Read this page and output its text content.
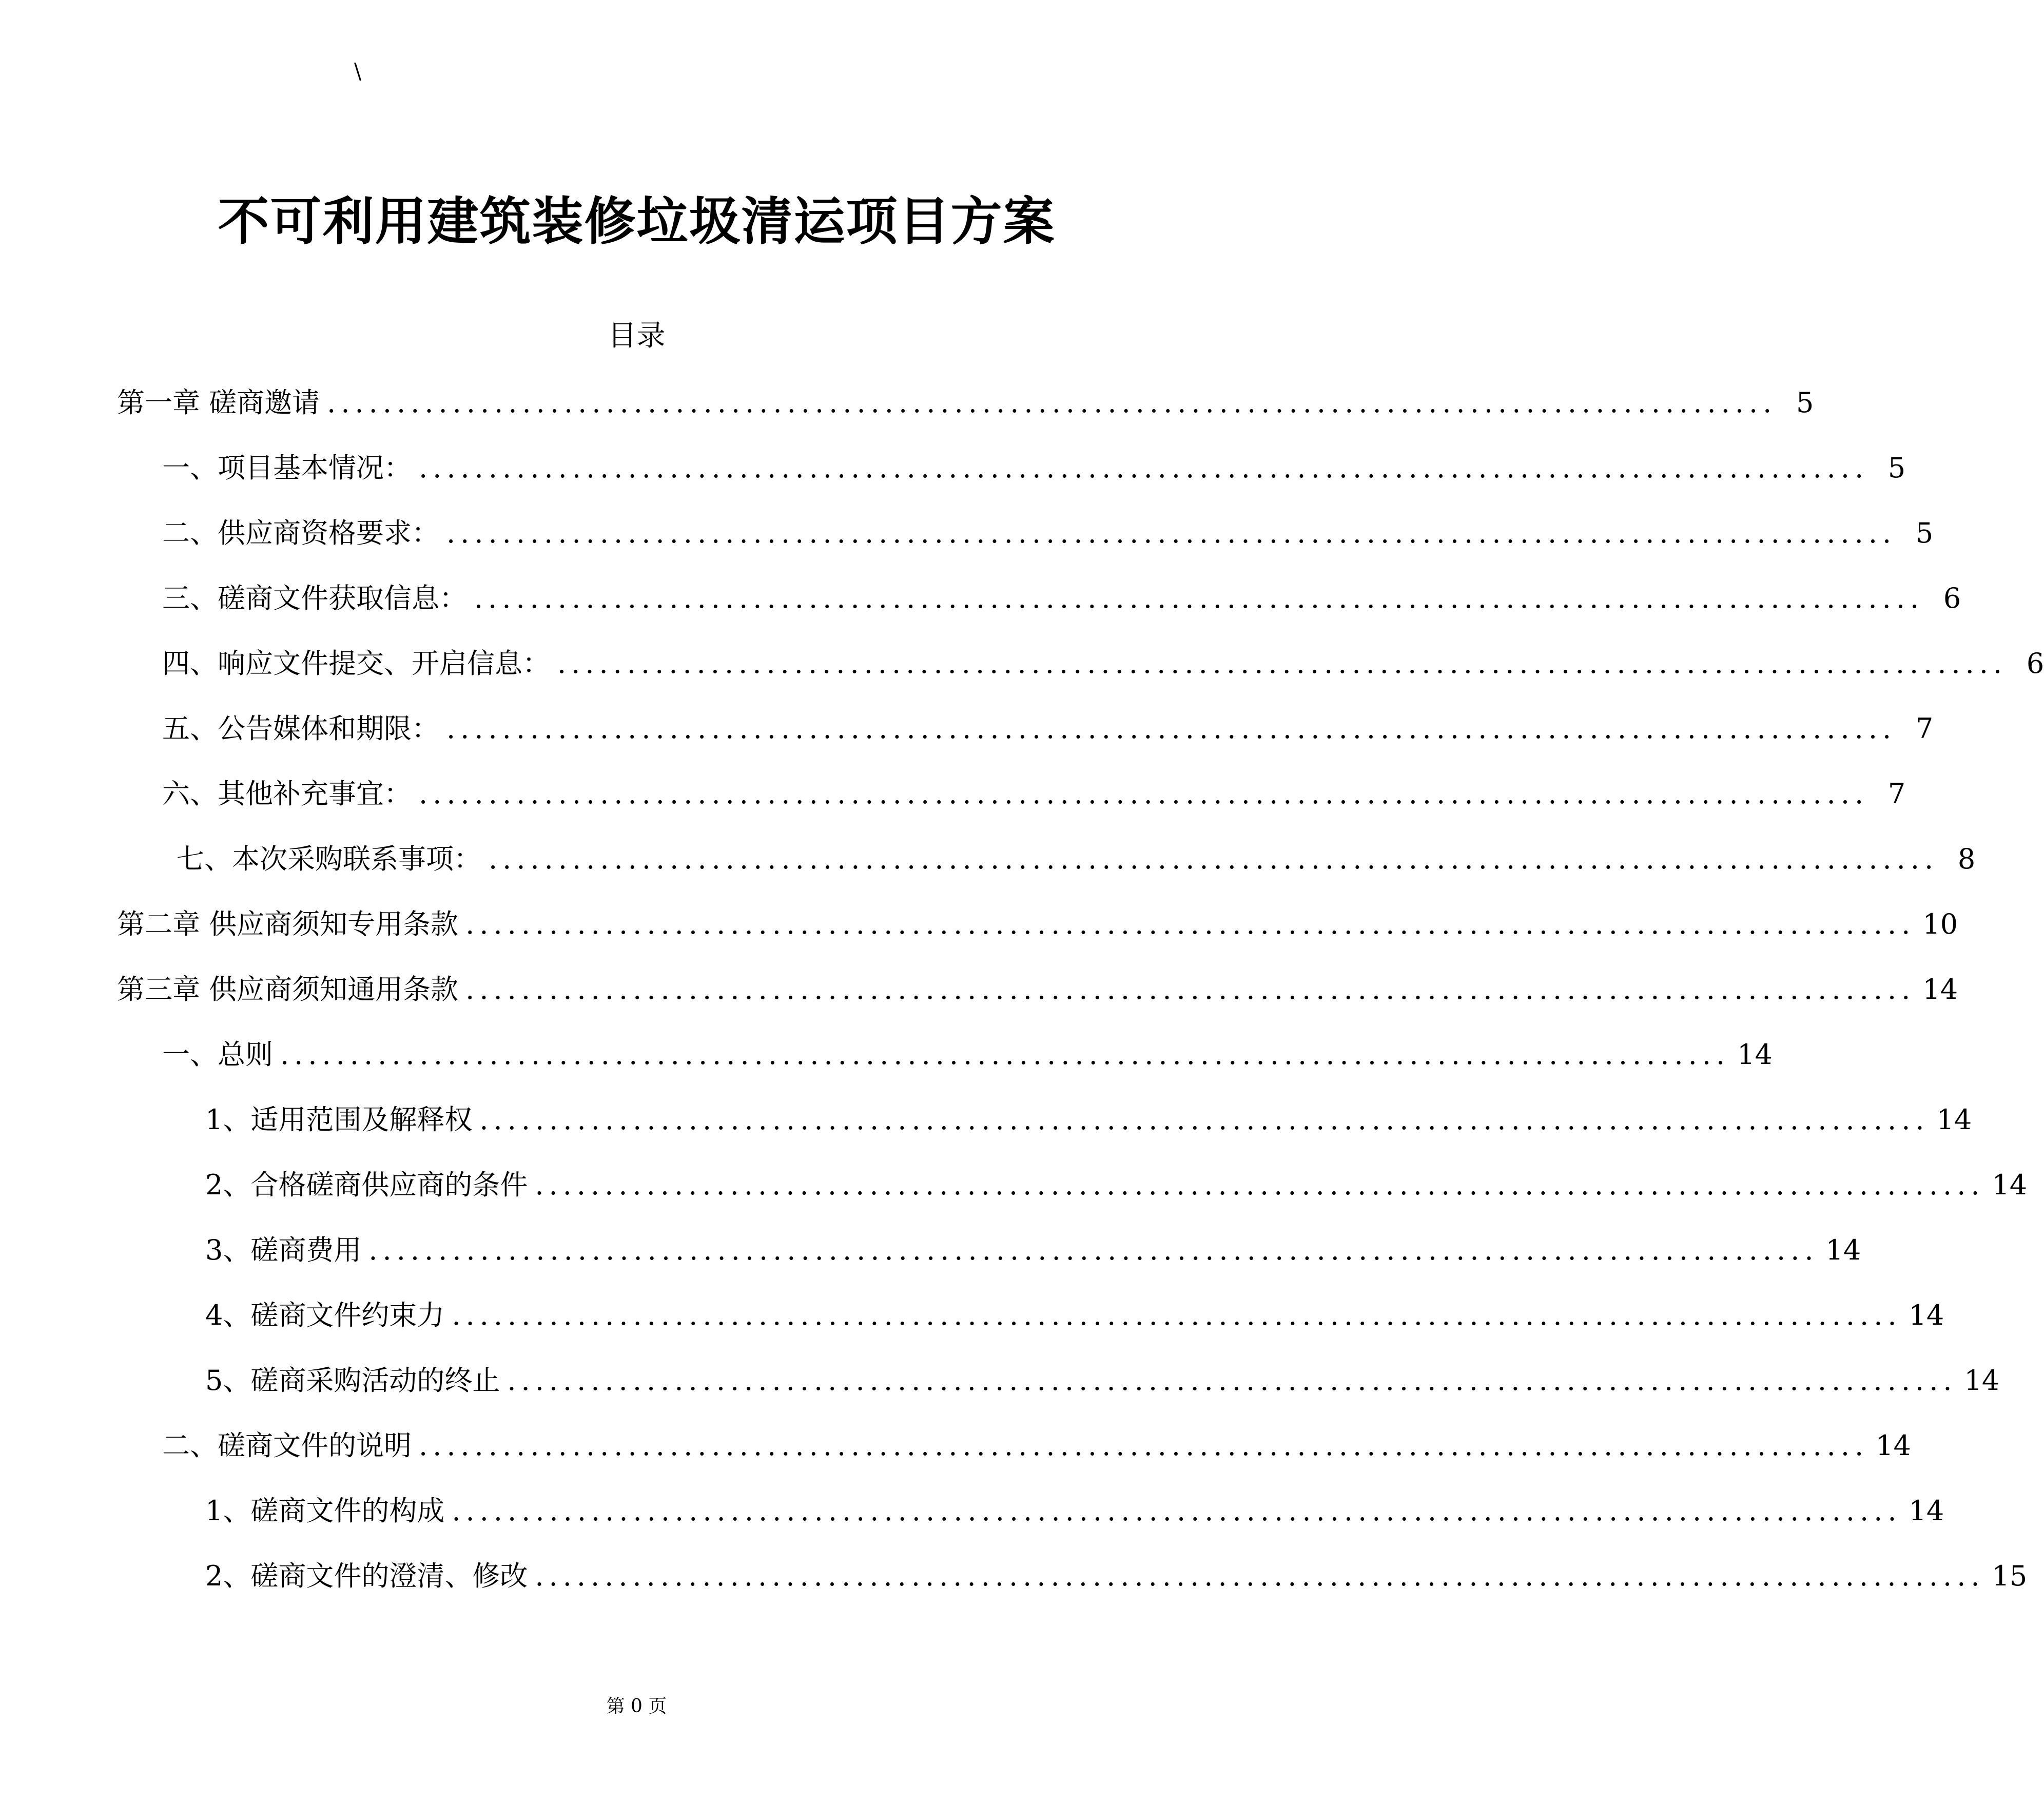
\
不可利用建筑装修垃圾清运项目方案
目录
第一章 磋商邀请 ........................................................................................................ 5
一、项目基本情况： ........................................................................................................ 5
二、供应商资格要求： ........................................................................................................ 5
三、磋商文件获取信息： ........................................................................................................ 6
四、响应文件提交、开启信息： ........................................................................................................ 6
五、公告媒体和期限： ........................................................................................................ 7
六、其他补充事宜： ........................................................................................................ 7
七、本次采购联系事项： ........................................................................................................ 8
第二章 供应商须知专用条款 ........................................................................................................ 10
第三章 供应商须知通用条款 ........................................................................................................ 14
一、总则 ........................................................................................................ 14
1、适用范围及解释权 ........................................................................................................ 14
2、合格磋商供应商的条件 ........................................................................................................ 14
3、磋商费用 ........................................................................................................ 14
4、磋商文件约束力 ........................................................................................................ 14
5、磋商采购活动的终止 ........................................................................................................ 14
二、磋商文件的说明 ........................................................................................................ 14
1、磋商文件的构成 ........................................................................................................ 14
2、磋商文件的澄清、修改 ........................................................................................................ 15
第 0 页
